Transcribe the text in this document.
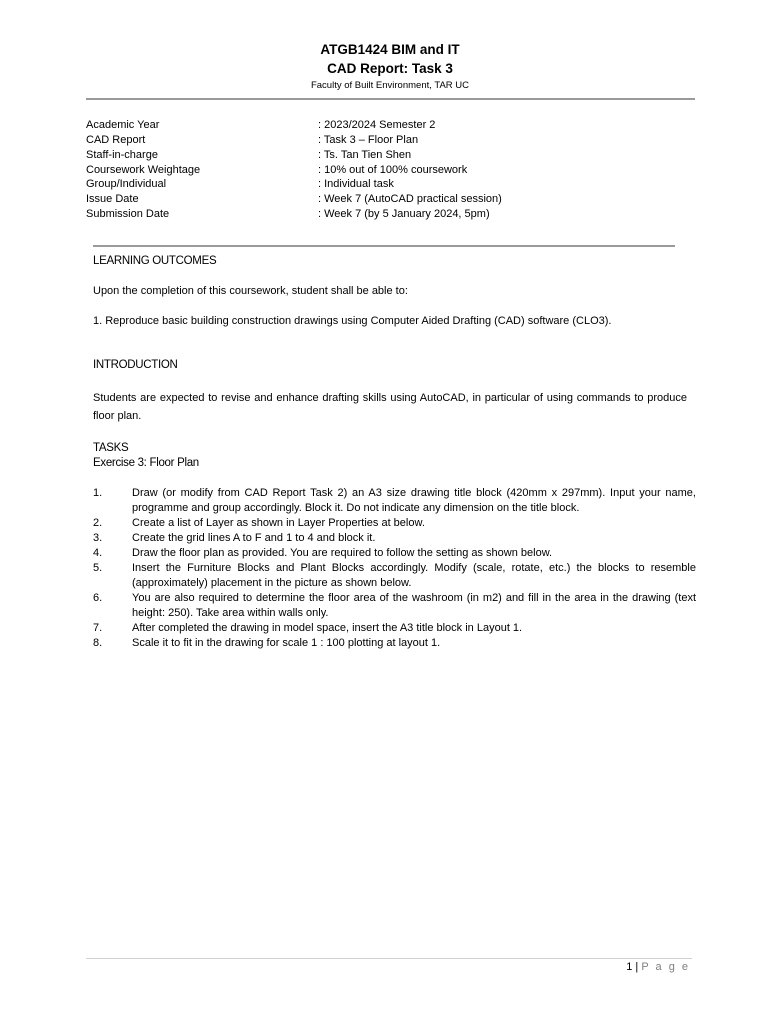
ATGB1424 BIM and IT
CAD Report: Task 3
Faculty of Built Environment, TAR UC
Academic Year	: 2023/2024 Semester 2
CAD Report	: Task 3 – Floor Plan
Staff-in-charge	: Ts. Tan Tien Shen
Coursework Weightage	: 10% out of 100% coursework
Group/Individual	: Individual task
Issue Date	: Week 7 (AutoCAD practical session)
Submission Date	: Week 7 (by 5 January 2024, 5pm)
LEARNING OUTCOMES
Upon the completion of this coursework, student shall be able to:
1. Reproduce basic building construction drawings using Computer Aided Drafting (CAD) software (CLO3).
INTRODUCTION
Students are expected to revise and enhance drafting skills using AutoCAD, in particular of using commands to produce floor plan.
TASKS
Exercise 3: Floor Plan
1.	Draw (or modify from CAD Report Task 2) an A3 size drawing title block (420mm x 297mm). Input your name, programme and group accordingly. Block it. Do not indicate any dimension on the title block.
2.	Create a list of Layer as shown in Layer Properties at below.
3.	Create the grid lines A to F and 1 to 4 and block it.
4.	Draw the floor plan as provided. You are required to follow the setting as shown below.
5.	Insert the Furniture Blocks and Plant Blocks accordingly. Modify (scale, rotate, etc.) the blocks to resemble (approximately) placement in the picture as shown below.
6.	You are also required to determine the floor area of the washroom (in m2) and fill in the area in the drawing (text height: 250). Take area within walls only.
7.	After completed the drawing in model space, insert the A3 title block in Layout 1.
8.	Scale it to fit in the drawing for scale 1 : 100 plotting at layout 1.
1 | P a g e
